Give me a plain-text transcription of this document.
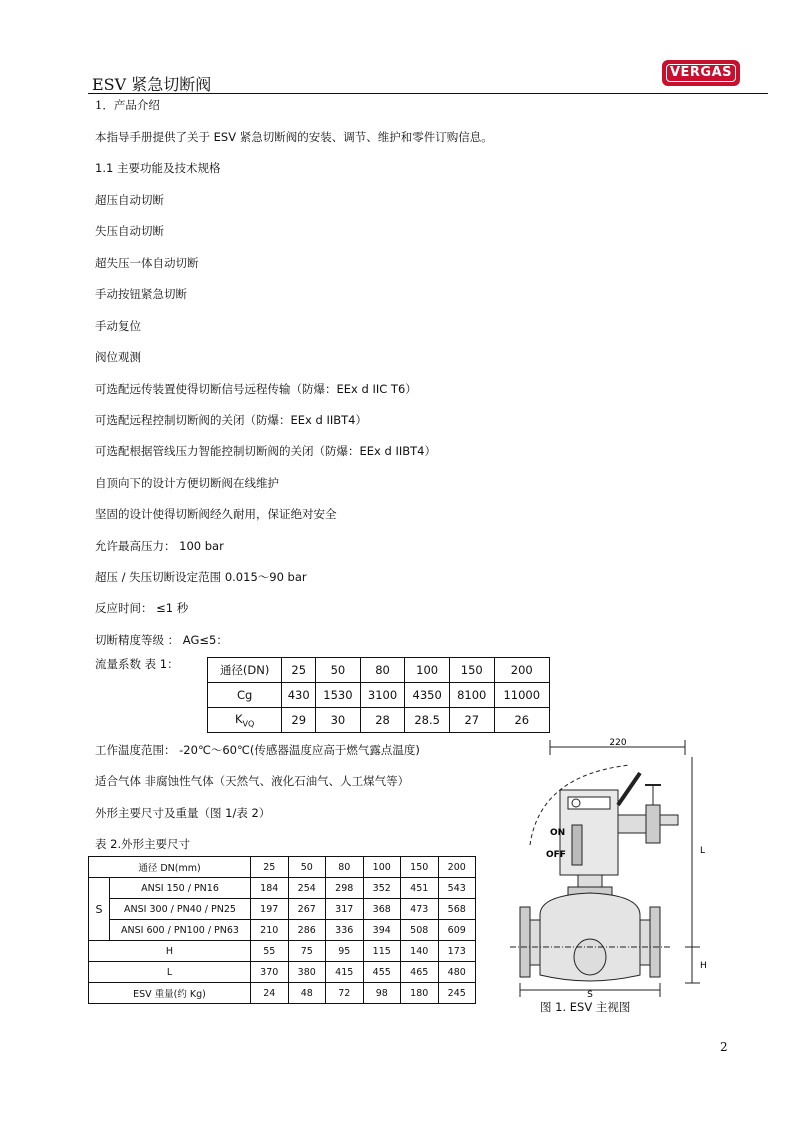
ESV 紧急切断阀
VERGAS
1．产品介绍
本指导手册提供了关于 ESV 紧急切断阀的安装、调节、维护和零件订购信息。
1.1 主要功能及技术规格
超压自动切断
失压自动切断
超失压一体自动切断
手动按钮紧急切断
手动复位
阀位观测
可选配远传装置使得切断信号远程传输（防爆：EEx d IIC T6）
可选配远程控制切断阀的关闭（防爆：EEx d IIBT4）
可选配根据管线压力智能控制切断阀的关闭（防爆：EEx d IIBT4）
自顶向下的设计方便切断阀在线维护
坚固的设计使得切断阀经久耐用，保证绝对安全
允许最高压力： 100 bar
超压 / 失压切断设定范围 0.015～90 bar
反应时间： ≤1 秒
切断精度等级 ： AG≤5：
流量系数 表 1：	通径(DN)	25	50	80	100	150	200
Cg	430	1530	3100	4350	8100	11000
$K_{VQ}$	29	30	28	28.5	27	26
工作温度范围： -20℃～60℃(传感器温度应高于燃气露点温度)
适合气体 非腐蚀性气体（天然气、液化石油气、人工煤气等）
外形主要尺寸及重量（图 1/表 2）
表 2.外形主要尺寸
通径 DN(mm)		25	50	80	100	150	200
S	ANSI 150 / PN16	184	254	298	352	451	543
	ANSI 300 / PN40 / PN25	197	267	317	368	473	568
	ANSI 600 / PN100 / PN63	210	286	336	394	508	609
H		55	75	95	115	140	173
L		370	380	415	455	465	480
ESV 重量(约 Kg)		24	48	72	98	180	245
220
L
H
S
ON
OFF
图 1. ESV 主视图
2
